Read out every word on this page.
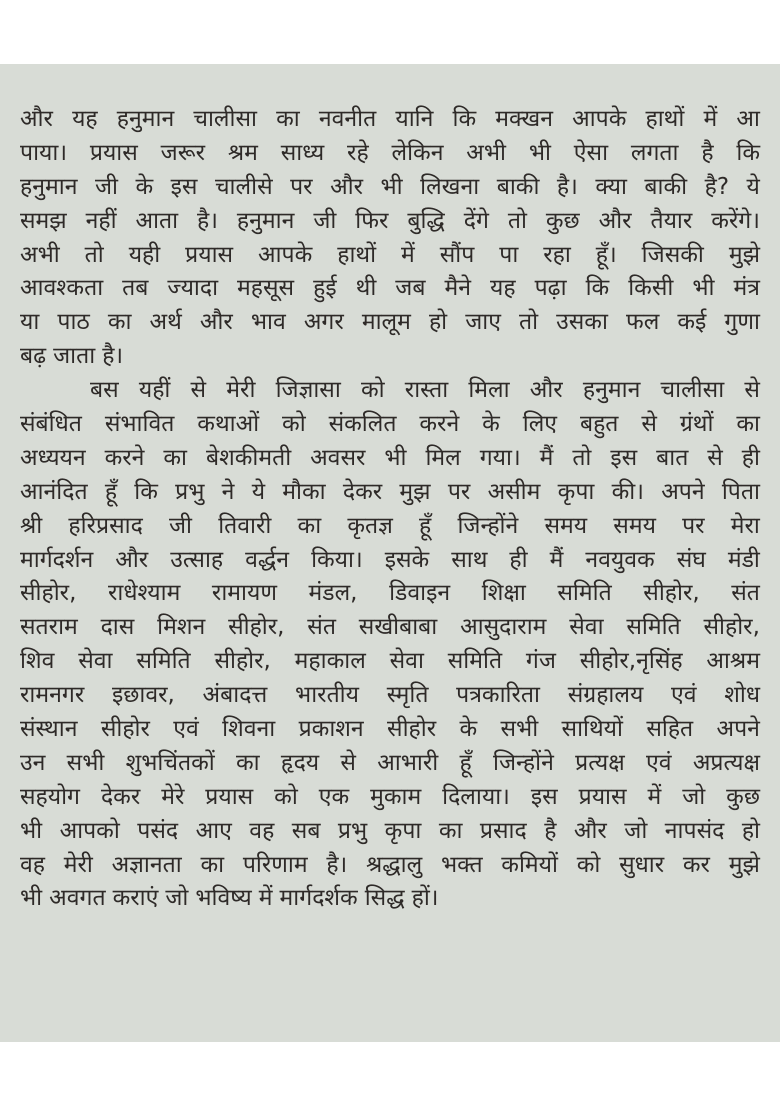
और यह हनुमान चालीसा का नवनीत यानि कि मक्खन आपके हाथों में आ
पाया। प्रयास जरूर श्रम साध्य रहे लेकिन अभी भी ऐसा लगता है कि
हनुमान जी के इस चालीसे पर और भी लिखना बाकी है। क्या बाकी है? ये
समझ नहीं आता है। हनुमान जी फिर बुद्धि देंगे तो कुछ और तैयार करेंगे।
अभी तो यही प्रयास आपके हाथों में सौंप पा रहा हूँ। जिसकी मुझे
आवश्कता तब ज्यादा महसूस हुई थी जब मैने यह पढ़ा कि किसी भी मंत्र
या पाठ का अर्थ और भाव अगर मालूम हो जाए तो उसका फल कई गुणा
बढ़ जाता है।
बस यहीं से मेरी जिज्ञासा को रास्ता मिला और हनुमान चालीसा से
संबंधित संभावित कथाओं को संकलित करने के लिए बहुत से ग्रंथों का
अध्ययन करने का बेशकीमती अवसर भी मिल गया। मैं तो इस बात से ही
आनंदित हूँ कि प्रभु ने ये मौका देकर मुझ पर असीम कृपा की। अपने पिता
श्री हरिप्रसाद जी तिवारी का कृतज्ञ हूँ जिन्होंने समय समय पर मेरा
मार्गदर्शन और उत्साह वर्द्धन किया। इसके साथ ही मैं नवयुवक संघ मंडी
सीहोर, राधेश्याम रामायण मंडल, डिवाइन शिक्षा समिति सीहोर, संत
सतराम दास मिशन सीहोर, संत सखीबाबा आसुदाराम सेवा समिति सीहोर,
शिव सेवा समिति सीहोर, महाकाल सेवा समिति गंज सीहोर,नृसिंह आश्रम
रामनगर इछावर, अंबादत्त भारतीय स्मृति पत्रकारिता संग्रहालय एवं शोध
संस्थान सीहोर एवं शिवना प्रकाशन सीहोर के सभी साथियों सहित अपने
उन सभी शुभचिंतकों का हृदय से आभारी हूँ जिन्होंने प्रत्यक्ष एवं अप्रत्यक्ष
सहयोग देकर मेरे प्रयास को एक मुकाम दिलाया। इस प्रयास में जो कुछ
भी आपको पसंद आए वह सब प्रभु कृपा का प्रसाद है और जो नापसंद हो
वह मेरी अज्ञानता का परिणाम है। श्रद्धालु भक्त कमियों को सुधार कर मुझे
भी अवगत कराएं जो भविष्य में मार्गदर्शक सिद्ध हों।
